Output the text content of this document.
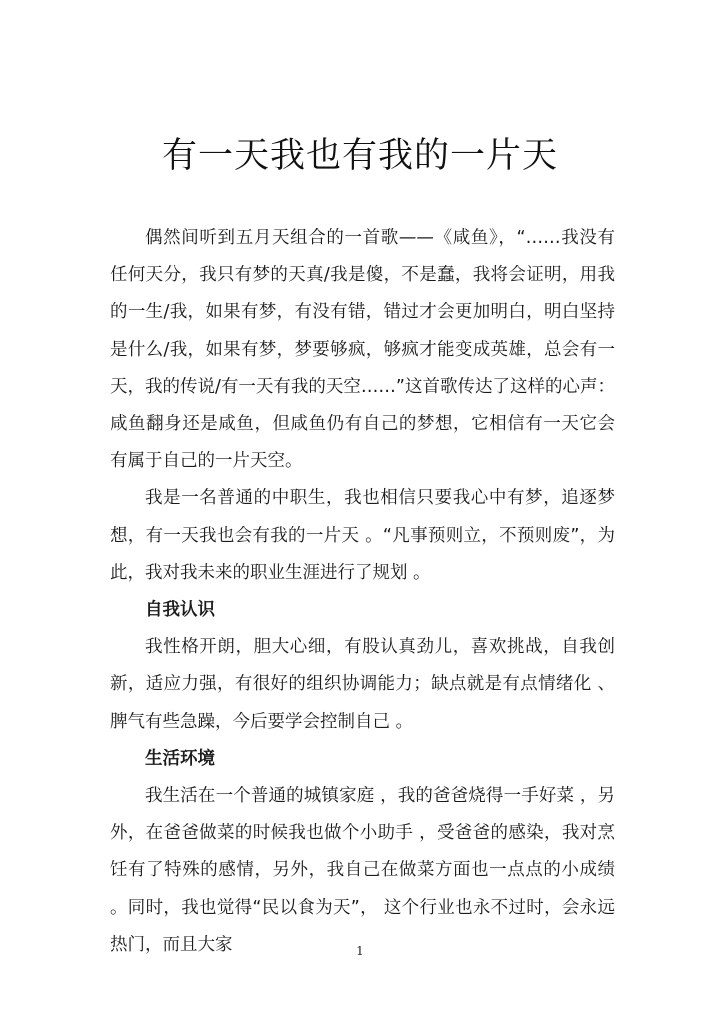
有一天我也有我的一片天

偶然间听到五月天组合的一首歌——《咸鱼》，“……我没有任何天分，我只有梦的天真/我是傻，不是蠢，我将会证明，用我的一生/我，如果有梦，有没有错，错过才会更加明白，明白坚持是什么/我，如果有梦，梦要够疯，够疯才能变成英雄，总会有一天，我的传说/有一天有我的天空……”这首歌传达了这样的心声：咸鱼翻身还是咸鱼，但咸鱼仍有自己的梦想，它相信有一天它会有属于自己的一片天空。

我是一名普通的中职生，我也相信只要我心中有梦，追逐梦想，有一天我也会有我的一片天 。“凡事预则立，不预则废”，为此，我对我未来的职业生涯进行了规划 。

自我认识

我性格开朗，胆大心细，有股认真劲儿，喜欢挑战，自我创新，适应力强，有很好的组织协调能力；缺点就是有点情绪化 、脾气有些急躁，今后要学会控制自己 。

生活环境

我生活在一个普通的城镇家庭 ，我的爸爸烧得一手好菜 ，另外，在爸爸做菜的时候我也做个小助手 ，受爸爸的感染，我对烹饪有了特殊的感情，另外，我自己在做菜方面也一点点的小成绩 。同时，我也觉得“民以食为天”， 这个行业也永不过时，会永远热门，而且大家	1
